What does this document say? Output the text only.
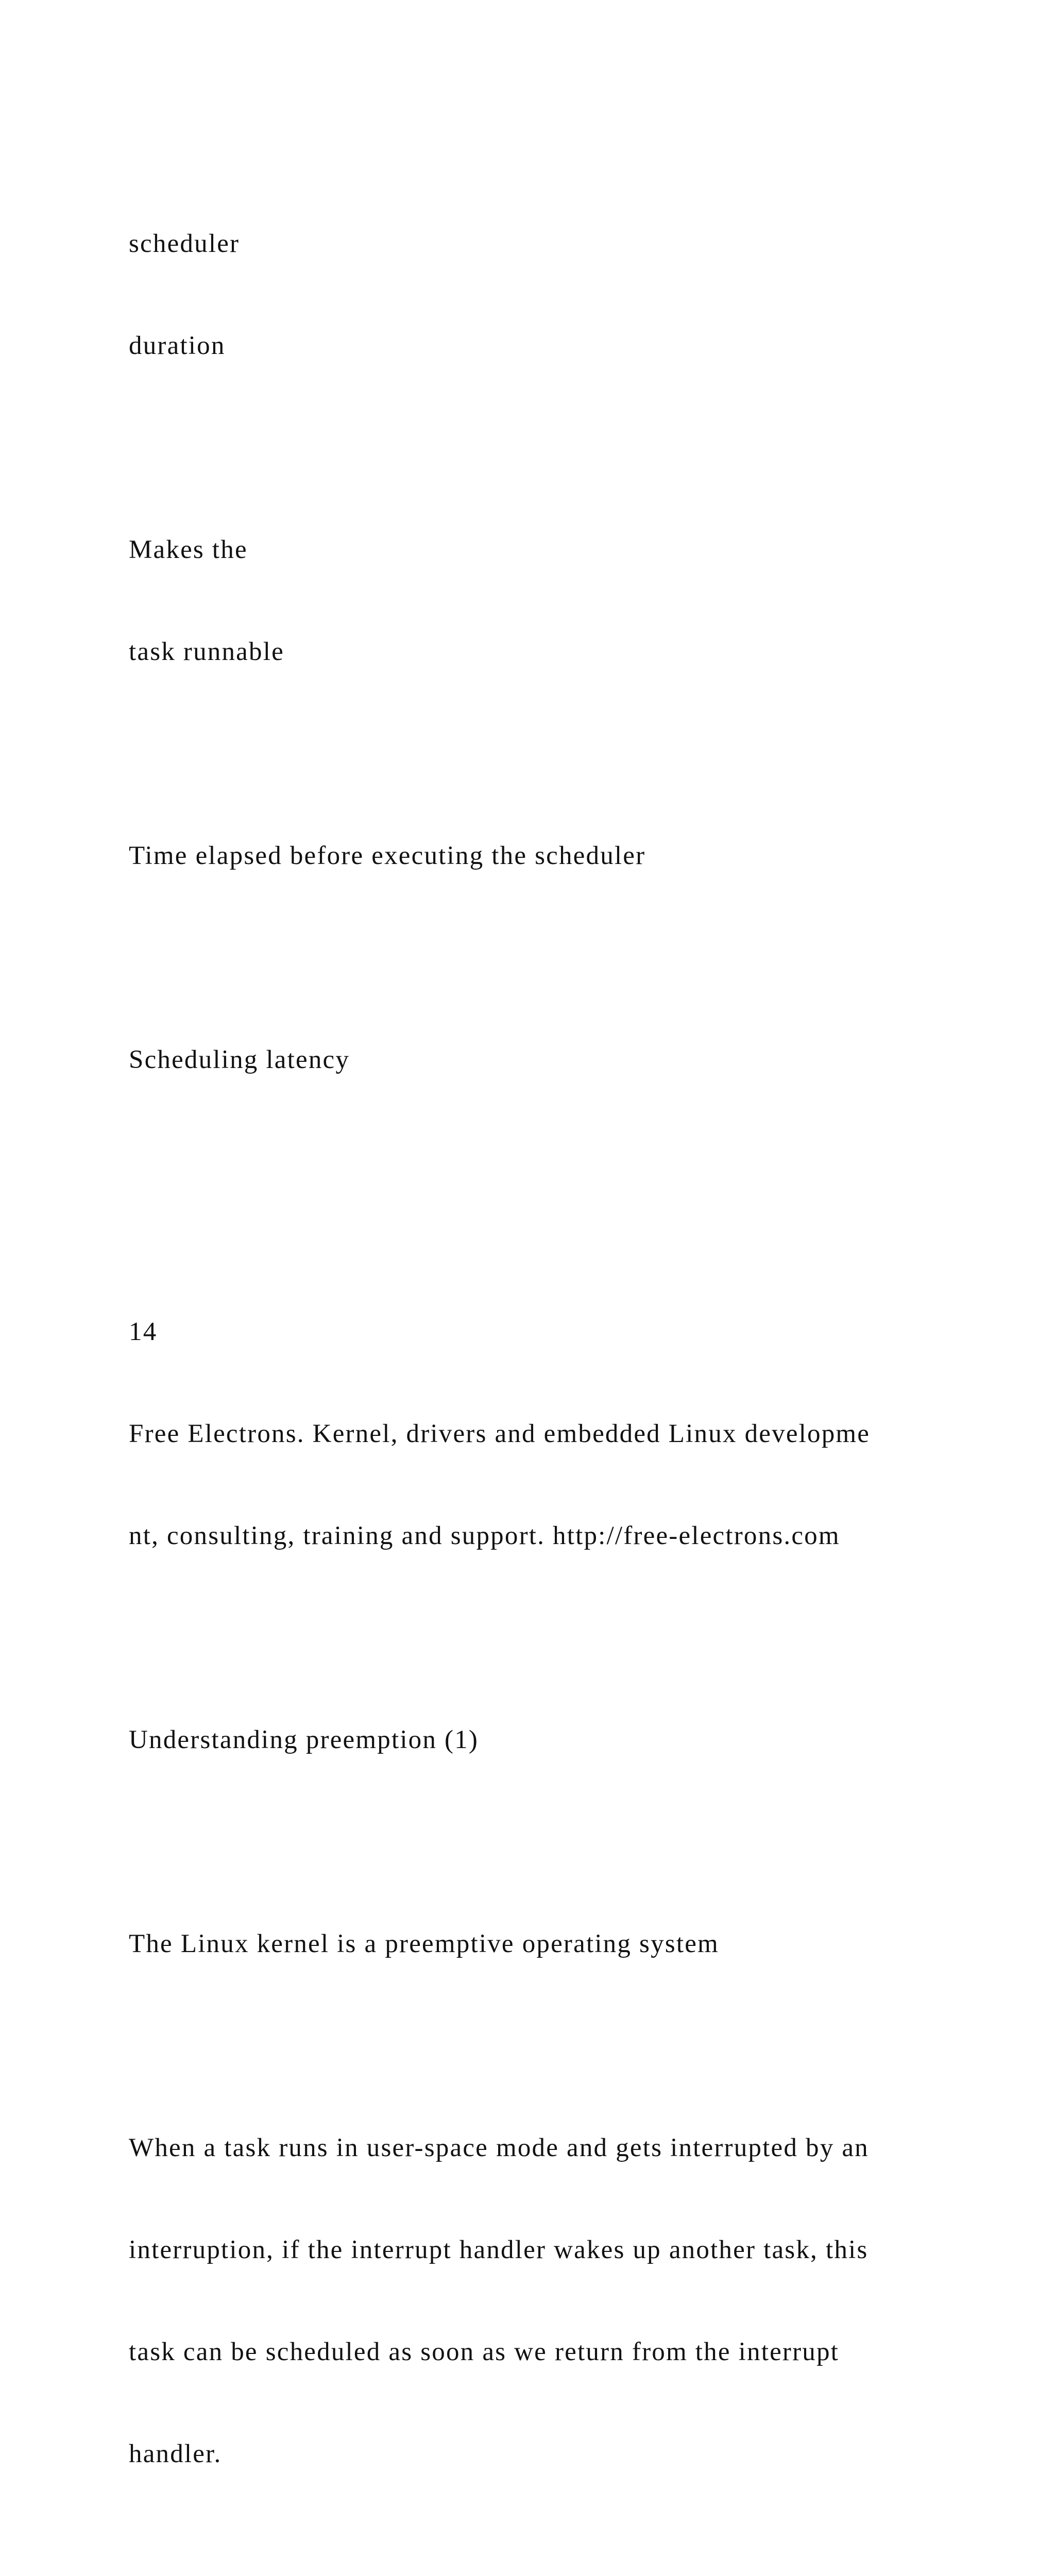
scheduler

duration

Makes the

task runnable

Time elapsed before executing the scheduler

Scheduling latency

14

Free Electrons. Kernel, drivers and embedded Linux developme

nt, consulting, training and support. http://free-electrons.com

Understanding preemption (1)

The Linux kernel is a preemptive operating system

When a task runs in user-space mode and gets interrupted by an

interruption, if the interrupt handler wakes up another task, this

task can be scheduled as soon as we return from the interrupt

handler.
